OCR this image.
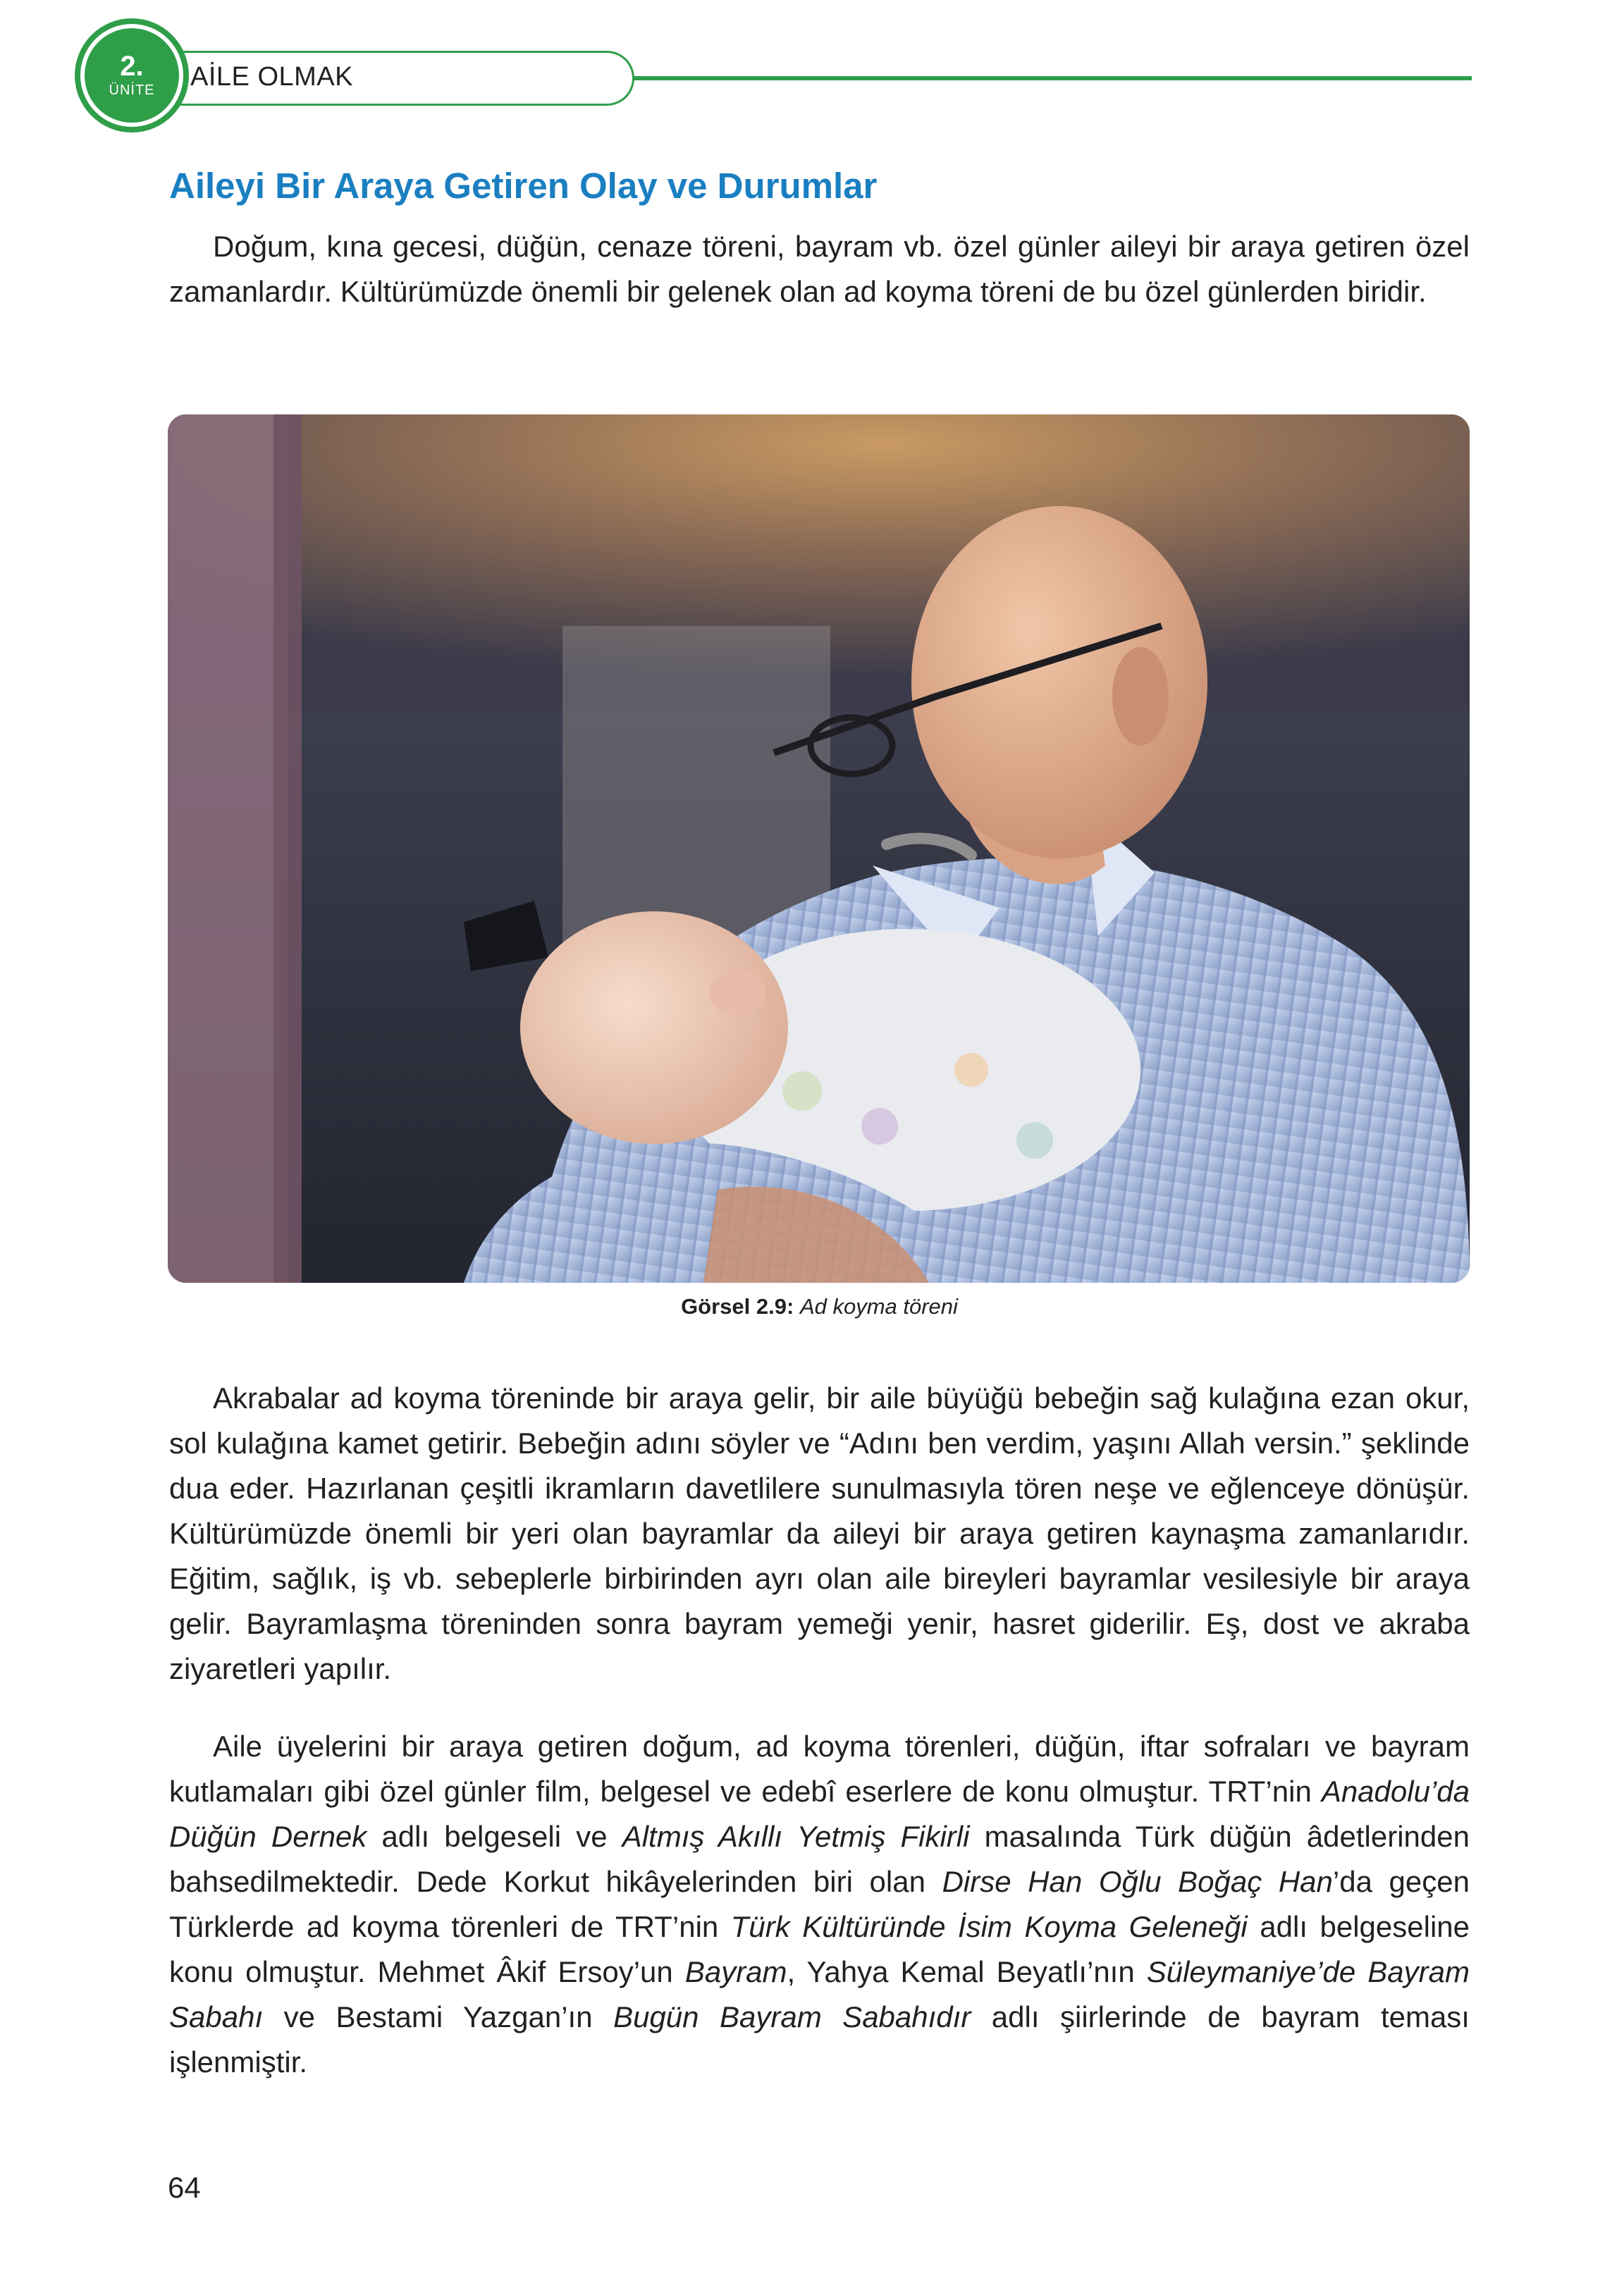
2.
ÜNİTE AİLE OLMAK
Aileyi Bir Araya Getiren Olay ve Durumlar

Doğum, kına gecesi, düğün, cenaze töreni, bayram vb. özel günler aileyi bir araya getiren özel zamanlardır. Kültürümüzde önemli bir gelenek olan ad koyma töreni de bu özel günlerden biridir.

Görsel 2.9: Ad koyma töreni

Akrabalar ad koyma töreninde bir araya gelir, bir aile büyüğü bebeğin sağ kulağına ezan okur, sol kulağına kamet getirir. Bebeğin adını söyler ve “Adını ben verdim, yaşını Allah versin.” şeklinde dua eder. Hazırlanan çeşitli ikramların davetlilere sunulmasıyla tören neşe ve eğlenceye dönüşür. Kültürümüzde önemli bir yeri olan bayramlar da aileyi bir araya getiren kaynaşma zamanlarıdır. Eğitim, sağlık, iş vb. sebeplerle birbirinden ayrı olan aile bireyleri bayramlar vesilesiyle bir araya gelir. Bayramlaşma töreninden sonra bayram yemeği yenir, hasret giderilir. Eş, dost ve akraba ziyaretleri yapılır.

Aile üyelerini bir araya getiren doğum, ad koyma törenleri, düğün, iftar sofraları ve bayram kutlamaları gibi özel günler film, belgesel ve edebî eserlere de konu olmuştur. TRT’nin Anadolu’da Düğün Dernek adlı belgeseli ve Altmış Akıllı Yetmiş Fikirli masalında Türk düğün âdetlerinden bahsedilmektedir. Dede Korkut hikâyelerinden biri olan Dirse Han Oğlu Boğaç Han’da geçen Türklerde ad koyma törenleri de TRT’nin Türk Kültüründe İsim Koyma Geleneği adlı belgeseline konu olmuştur. Mehmet Âkif Ersoy’un Bayram, Yahya Kemal Beyatlı’nın Süleymaniye’de Bayram Sabahı ve Bestami Yazgan’ın Bugün Bayram Sabahıdır adlı şiirlerinde de bayram teması işlenmiştir.

64
